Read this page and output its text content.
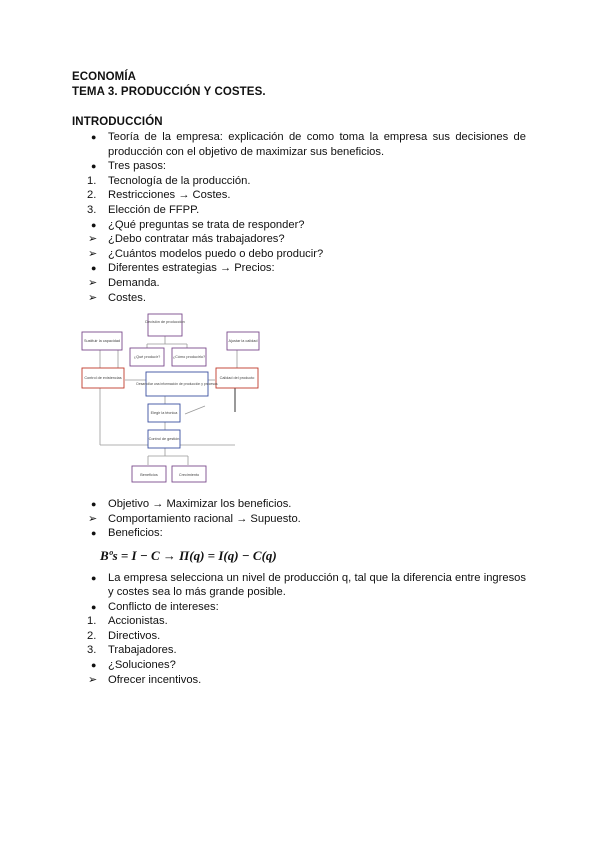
ECONOMÍA
TEMA 3. PRODUCCIÓN Y COSTES.
INTRODUCCIÓN
● Teoría de la empresa: explicación de como toma la empresa sus decisiones de
producción con el objetivo de maximizar sus beneficios.
● Tres pasos:
1. Tecnología de la producción.
2. Restricciones → Costes.
3. Elección de FFPP.
● ¿Qué preguntas se trata de responder?
➢ ¿Debo contratar más trabajadores?
➢ ¿Cuántos modelos puedo o debo producir?
● Diferentes estrategias → Precios:
➢ Demanda.
➢ Costes.
Decisión de producción
Sustituir la capacidad	Ajustar la calidad
¿Qué producir?	¿Cómo producirlo?
Control de existencias	Calidad del producto
Desarrollar una información de producción y procesos
Elegir la técnica
Control de gestión
Beneficios	Crecimiento
● Objetivo → Maximizar los beneficios.
➢ Comportamiento racional → Supuesto.
● Beneficios:
Bºs = I − C → Π(q) = I(q) − C(q)
● La empresa selecciona un nivel de producción q, tal que la diferencia entre ingresos
y costes sea lo más grande posible.
● Conflicto de intereses:
1. Accionistas.
2. Directivos.
3. Trabajadores.
● ¿Soluciones?
➢ Ofrecer incentivos.
